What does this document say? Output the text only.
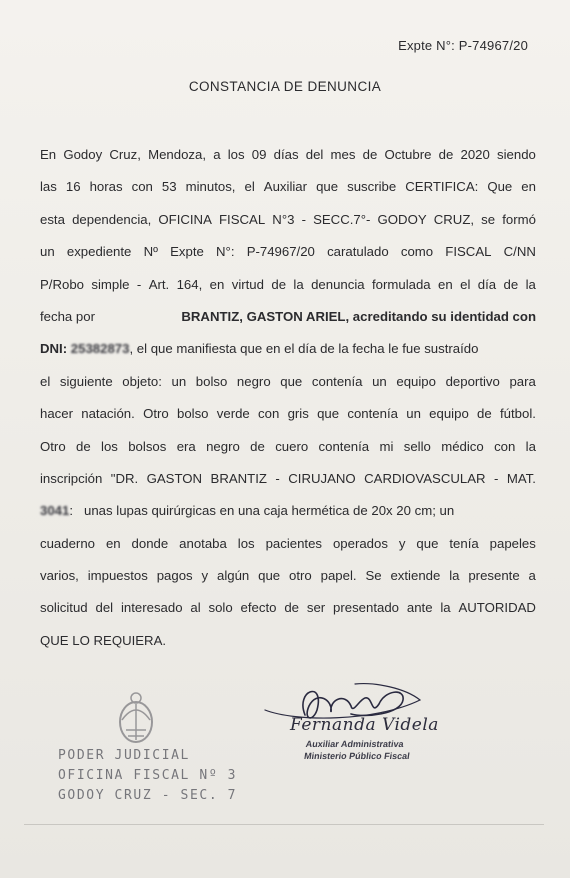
Expte N°: P-74967/20
CONSTANCIA DE DENUNCIA
En Godoy Cruz, Mendoza, a los 09 días del mes de Octubre de 2020 siendo
las 16 horas con 53 minutos, el Auxiliar que suscribe CERTIFICA: Que en
esta dependencia, OFICINA FISCAL N°3 - SECC.7°- GODOY CRUZ, se formó
un expediente Nº Expte N°: P-74967/20 caratulado como FISCAL C/NN
P/Robo simple - Art. 164, en virtud de la denuncia formulada en el día de la
fecha por	BRANTIZ, GASTON ARIEL, acreditando su identidad con
DNI: 25382873 , el que manifiesta que en el día de la fecha le fue sustraído
el siguiente objeto: un bolso negro que contenía un equipo deportivo para
hacer natación. Otro bolso verde con gris que contenía un equipo de fútbol.
Otro de los bolsos era negro de cuero contenía mi sello médico con la
inscripción "DR. GASTON BRANTIZ - CIRUJANO CARDIOVASCULAR - MAT.
3041 :   unas lupas quirúrgicas en una caja hermética de 20x 20 cm; un
cuaderno en donde anotaba los pacientes operados y que tenía papeles
varios, impuestos pagos y algún que otro papel. Se extiende la presente a
solicitud del interesado al solo efecto de ser presentado ante la AUTORIDAD
QUE LO REQUIERA.
PODER JUDICIAL
OFICINA FISCAL Nº 3
GODOY CRUZ - SEC. 7
Fernanda Videla
Auxiliar Administrativa
Ministerio Público Fiscal
